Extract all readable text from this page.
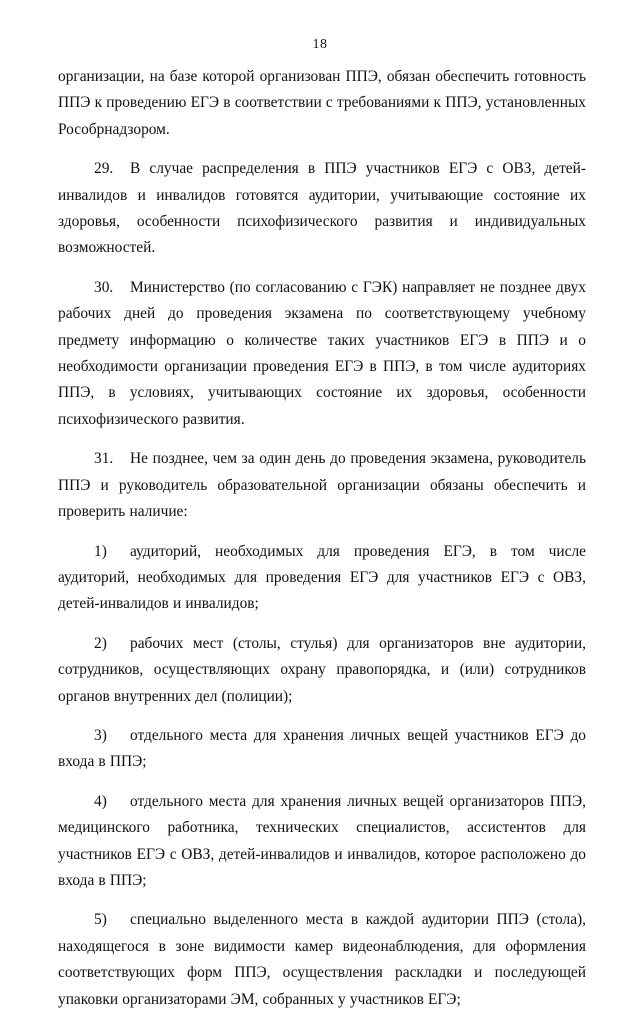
18

организации, на базе которой организован ППЭ, обязан обеспечить готовность ППЭ к проведению ЕГЭ в соответствии с требованиями к ППЭ, установленных Рособрнадзором.

29. В случае распределения в ППЭ участников ЕГЭ с ОВЗ, детей-инвалидов и инвалидов готовятся аудитории, учитывающие состояние их здоровья, особенности психофизического развития и индивидуальных возможностей.

30. Министерство (по согласованию с ГЭК) направляет не позднее двух рабочих дней до проведения экзамена по соответствующему учебному предмету информацию о количестве таких участников ЕГЭ в ППЭ и о необходимости организации проведения ЕГЭ в ППЭ, в том числе аудиториях ППЭ, в условиях, учитывающих состояние их здоровья, особенности психофизического развития.

31. Не позднее, чем за один день до проведения экзамена, руководитель ППЭ и руководитель образовательной организации обязаны обеспечить и проверить наличие:

1) аудиторий, необходимых для проведения ЕГЭ, в том числе аудиторий, необходимых для проведения ЕГЭ для участников ЕГЭ с ОВЗ, детей-инвалидов и инвалидов;

2) рабочих мест (столы, стулья) для организаторов вне аудитории, сотрудников, осуществляющих охрану правопорядка, и (или) сотрудников органов внутренних дел (полиции);

3) отдельного места для хранения личных вещей участников ЕГЭ до входа в ППЭ;

4) отдельного места для хранения личных вещей организаторов ППЭ, медицинского работника, технических специалистов, ассистентов для участников ЕГЭ с ОВЗ, детей-инвалидов и инвалидов, которое расположено до входа в ППЭ;

5) специально выделенного места в каждой аудитории ППЭ (стола), находящегося в зоне видимости камер видеонаблюдения, для оформления соответствующих форм ППЭ, осуществления раскладки и последующей упаковки организаторами ЭМ, собранных у участников ЕГЭ;
